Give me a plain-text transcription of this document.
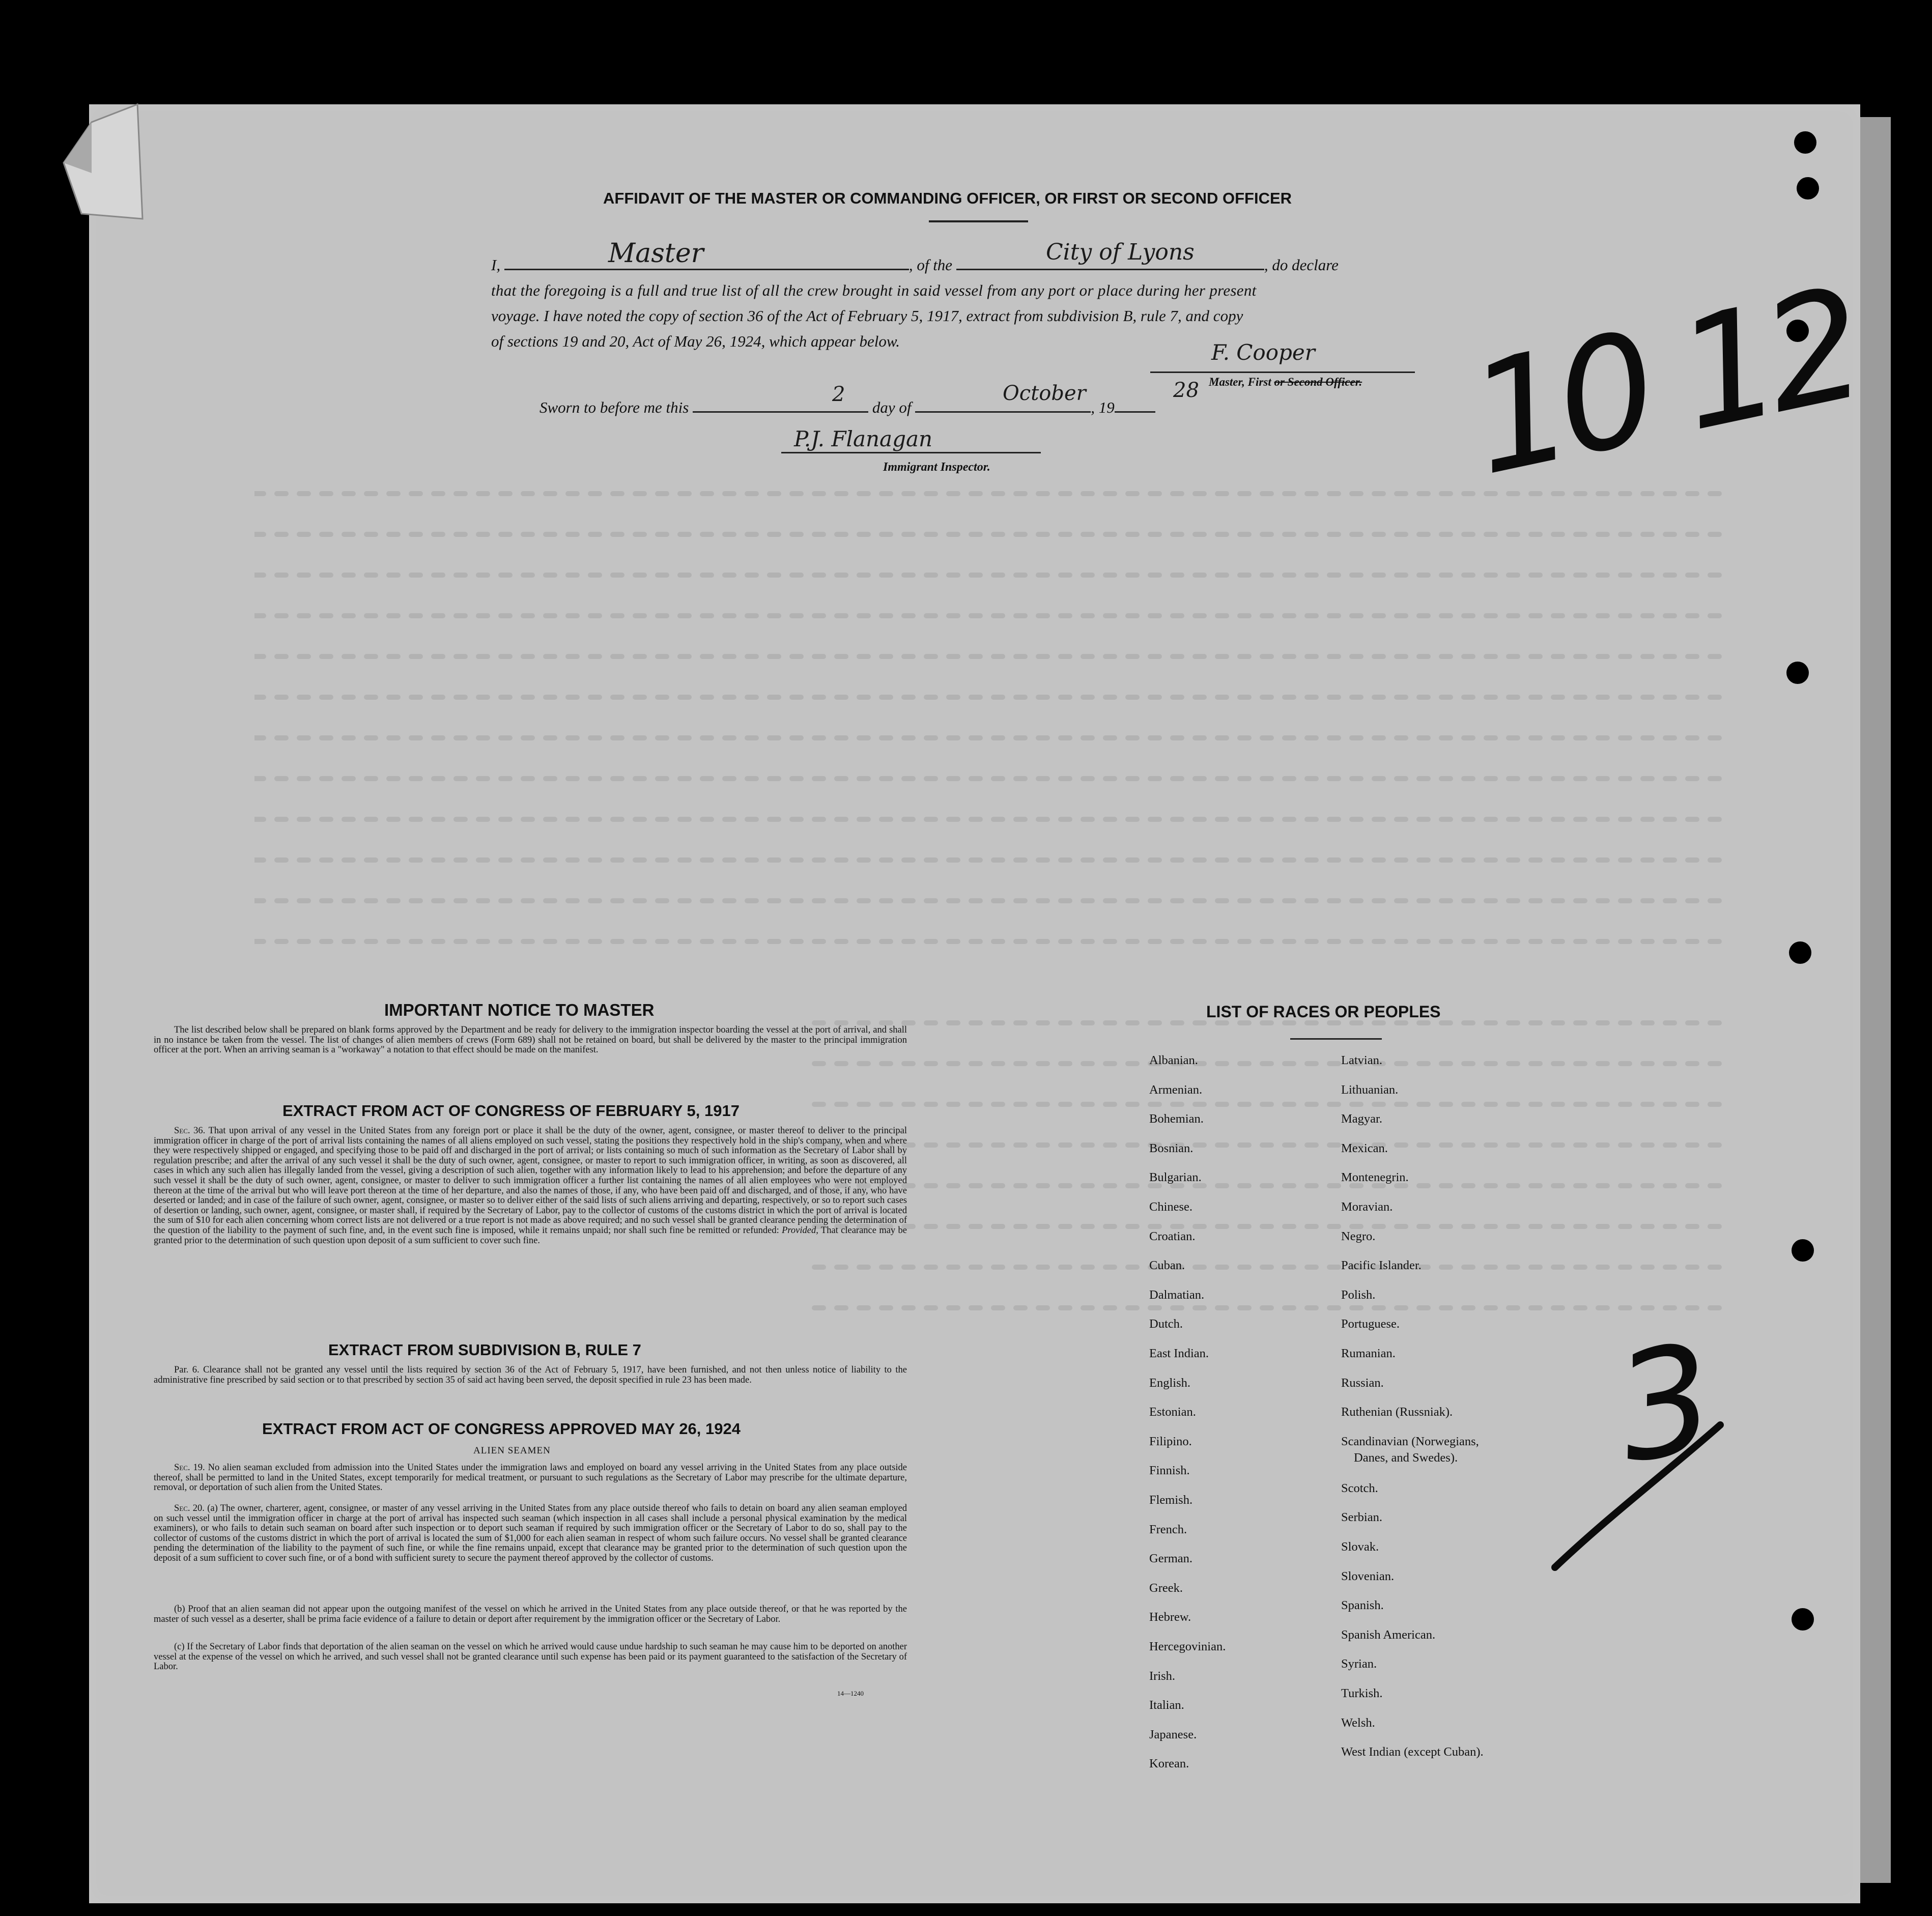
AFFIDAVIT OF THE MASTER OR COMMANDING OFFICER, OR FIRST OR SECOND OFFICER
I,	, of the	, do declare
that the foregoing is a full and true list of all the crew brought in said vessel from any port or place during her present
voyage. I have noted the copy of section 36 of the Act of February 5, 1917, extract from subdivision B, rule 7, and copy
of sections 19 and 20, Act of May 26, 1924, which appear below.
Master	City of Lyons
F. Cooper
Master, First or Second Officer.
Sworn to before me this	day of	, 19
2	October	28
P.J. Flanagan
Immigrant Inspector.	10 12
3
IMPORTANT NOTICE TO MASTER
The list described below shall be prepared on blank forms approved by the Department and be ready for delivery to the immigration inspector boarding the vessel at the port of arrival, and shall in no instance be taken from the vessel. The list of changes of alien members of crews (Form 689) shall not be retained on board, but shall be delivered by the master to the principal immigration officer at the port. When an arriving seaman is a "workaway" a notation to that effect should be made on the manifest.
EXTRACT FROM ACT OF CONGRESS OF FEBRUARY 5, 1917
Sec. 36. That upon arrival of any vessel in the United States from any foreign port or place it shall be the duty of the owner, agent, consignee, or master thereof to deliver to the principal immigration officer in charge of the port of arrival lists containing the names of all aliens employed on such vessel, stating the positions they respectively hold in the ship's company, when and where they were respectively shipped or engaged, and specifying those to be paid off and discharged in the port of arrival; or lists containing so much of such information as the Secretary of Labor shall by regulation prescribe; and after the arrival of any such vessel it shall be the duty of such owner, agent, consignee, or master to report to such immigration officer, in writing, as soon as discovered, all cases in which any such alien has illegally landed from the vessel, giving a description of such alien, together with any information likely to lead to his apprehension; and before the departure of any such vessel it shall be the duty of such owner, agent, consignee, or master to deliver to such immigration officer a further list containing the names of all alien employees who were not employed thereon at the time of the arrival but who will leave port thereon at the time of her departure, and also the names of those, if any, who have been paid off and discharged, and of those, if any, who have deserted or landed; and in case of the failure of such owner, agent, consignee, or master so to deliver either of the said lists of such aliens arriving and departing, respectively, or so to report such cases of desertion or landing, such owner, agent, consignee, or master shall, if required by the Secretary of Labor, pay to the collector of customs of the customs district in which the port of arrival is located the sum of $10 for each alien concerning whom correct lists are not delivered or a true report is not made as above required; and no such vessel shall be granted clearance pending the determination of the question of the liability to the payment of such fine, and, in the event such fine is imposed, while it remains unpaid; nor shall such fine be remitted or refunded: Provided, That clearance may be granted prior to the determination of such question upon deposit of a sum sufficient to cover such fine.
EXTRACT FROM SUBDIVISION B, RULE 7
Par. 6. Clearance shall not be granted any vessel until the lists required by section 36 of the Act of February 5, 1917, have been furnished, and not then unless notice of liability to the administrative fine prescribed by said section or to that prescribed by section 35 of said act having been served, the deposit specified in rule 23 has been made.
EXTRACT FROM ACT OF CONGRESS APPROVED MAY 26, 1924
ALIEN SEAMEN
Sec. 19. No alien seaman excluded from admission into the United States under the immigration laws and employed on board any vessel arriving in the United States from any place outside thereof, shall be permitted to land in the United States, except temporarily for medical treatment, or pursuant to such regulations as the Secretary of Labor may prescribe for the ultimate departure, removal, or deportation of such alien from the United States.
Sec. 20. (a) The owner, charterer, agent, consignee, or master of any vessel arriving in the United States from any place outside thereof who fails to detain on board any alien seaman employed on such vessel until the immigration officer in charge at the port of arrival has inspected such seaman (which inspection in all cases shall include a personal physical examination by the medical examiners), or who fails to detain such seaman on board after such inspection or to deport such seaman if required by such immigration officer or the Secretary of Labor to do so, shall pay to the collector of customs of the customs district in which the port of arrival is located the sum of $1,000 for each alien seaman in respect of whom such failure occurs. No vessel shall be granted clearance pending the determination of the liability to the payment of such fine, or while the fine remains unpaid, except that clearance may be granted prior to the determination of such question upon the deposit of a sum sufficient to cover such fine, or of a bond with sufficient surety to secure the payment thereof approved by the collector of customs.
(b) Proof that an alien seaman did not appear upon the outgoing manifest of the vessel on which he arrived in the United States from any place outside thereof, or that he was reported by the master of such vessel as a deserter, shall be prima facie evidence of a failure to detain or deport after requirement by the immigration officer or the Secretary of Labor.
(c) If the Secretary of Labor finds that deportation of the alien seaman on the vessel on which he arrived would cause undue hardship to such seaman he may cause him to be deported on another vessel at the expense of the vessel on which he arrived, and such vessel shall not be granted clearance until such expense has been paid or its payment guaranteed to the satisfaction of the Secretary of Labor.
14—1240
LIST OF RACES OR PEOPLES
Albanian.
Armenian.
Bohemian.
Bosnian.
Bulgarian.
Chinese.
Croatian.
Cuban.
Dalmatian.
Dutch.
East Indian.
English.
Estonian.
Filipino.
Finnish.
Flemish.
French.
German.
Greek.
Hebrew.
Hercegovinian.
Irish.
Italian.
Japanese.
Korean.
Latvian.
Lithuanian.
Magyar.
Mexican.
Montenegrin.
Moravian.
Negro.
Pacific Islander.
Polish.
Portuguese.
Rumanian.
Russian.
Ruthenian (Russniak).
Scandinavian (Norwegians,
Danes, and Swedes).
Scotch.
Serbian.
Slovak.
Slovenian.
Spanish.
Spanish American.
Syrian.
Turkish.
Welsh.
West Indian (except Cuban).
